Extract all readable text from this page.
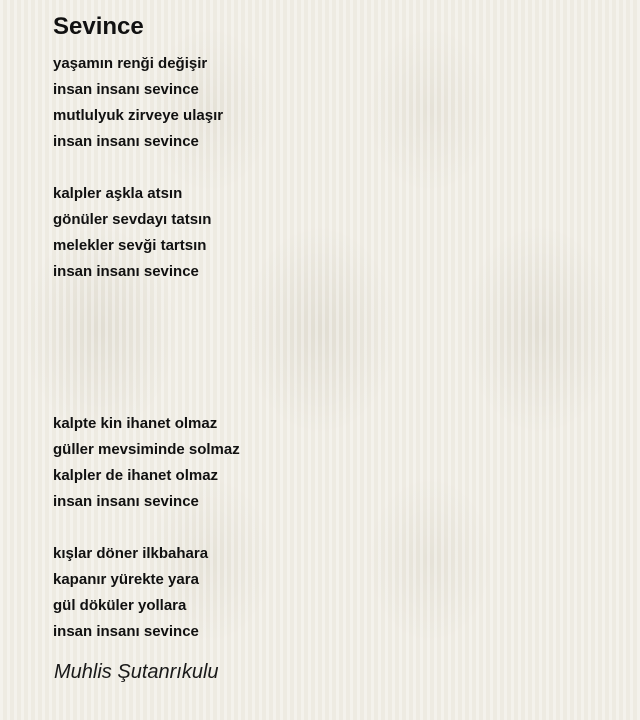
Sevince
yaşamın renği değişir
insan insanı sevince
mutlulyuk zirveye ulaşır
insan insanı sevince
kalpler aşkla atsın
gönüler sevdayı tatsın
melekler sevği tartsın
insan insanı sevince
kalpte kin ihanet olmaz
güller mevsiminde solmaz
kalpler de ihanet olmaz
insan insanı sevince
kışlar döner ilkbahara
kapanır yürekte yara
gül döküler yollara
insan insanı sevince
Muhlis Şutanrıkulu
